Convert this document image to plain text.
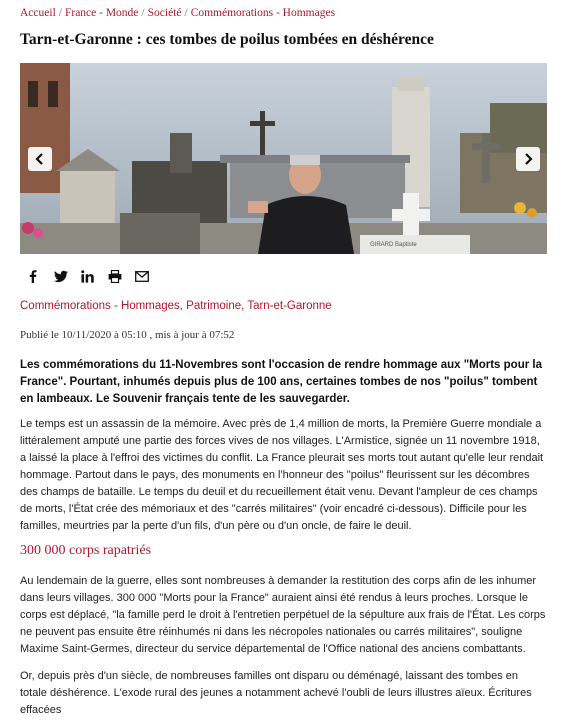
Accueil / France - Monde / Société / Commémorations - Hommages
Tarn-et-Garonne : ces tombes de poilus tombées en déshérence
GIRARD Baptiste
Commémorations - Hommages, Patrimoine, Tarn-et-Garonne
Publié le 10/11/2020 à 05:10 , mis à jour à 07:52

Les commémorations du 11-Novembres sont l'occasion de rendre hommage aux "Morts pour la France". Pourtant, inhumés depuis plus de 100 ans, certaines tombes de nos "poilus" tombent en lambeaux. Le Souvenir français tente de les sauvegarder.

Le temps est un assassin de la mémoire. Avec près de 1,4 million de morts, la Première Guerre mondiale a littéralement amputé une partie des forces vives de nos villages. L'Armistice, signée un 11 novembre 1918, a laissé la place à l'effroi des victimes du conflit. La France pleurait ses morts tout autant qu'elle leur rendait hommage. Partout dans le pays, des monuments en l'honneur des "poilus" fleurissent sur les décombres des champs de bataille. Le temps du deuil et du recueillement était venu. Devant l'ampleur de ces champs de morts, l'État crée des mémoriaux et des "carrés militaires" (voir encadré ci-dessous). Difficile pour les familles, meurtries par la perte d'un fils, d'un père ou d'un oncle, de faire le deuil.

300 000 corps rapatriés

Au lendemain de la guerre, elles sont nombreuses à demander la restitution des corps afin de les inhumer dans leurs villages. 300 000 "Morts pour la France" auraient ainsi été rendus à leurs proches. Lorsque le corps est déplacé, "la famille perd le droit à l'entretien perpétuel de la sépulture aux frais de l'État. Les corps ne peuvent pas ensuite être réinhumés ni dans les nécropoles nationales ou carrés militaires", souligne Maxime Saint-Germes, directeur du service départemental de l'Office national des anciens combattants.

Or, depuis près d'un siècle, de nombreuses familles ont disparu ou déménagé, laissant des tombes en totale déshérence. L'exode rural des jeunes a notamment achevé l'oubli de leurs illustres aïeux. Écritures effacées
